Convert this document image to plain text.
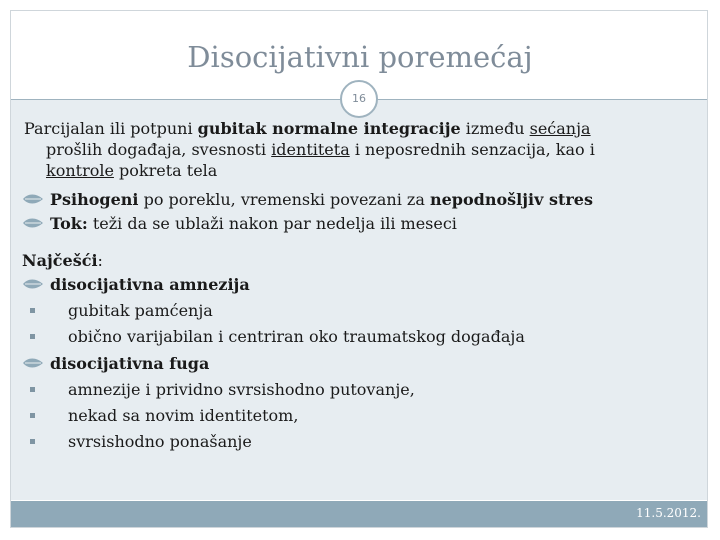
Disocijativni poremećaj
16
Parcijalan ili potpuni gubitak normalne integracije između sećanja
prošlih događaja, svesnosti identiteta i neposrednih senzacija, kao i
kontrole pokreta tela
Psihogeni po poreklu, vremenski povezani za nepodnošljiv stres
Tok: teži da se ublaži nakon par nedelja ili meseci
Najčešći:
disocijativna amnezija
gubitak pamćenja
obično varijabilan i centriran oko traumatskog događaja
disocijativna fuga
amnezije i prividno svrsishodno putovanje,
nekad sa novim identitetom,
svrsishodno ponašanje
11.5.2012.
